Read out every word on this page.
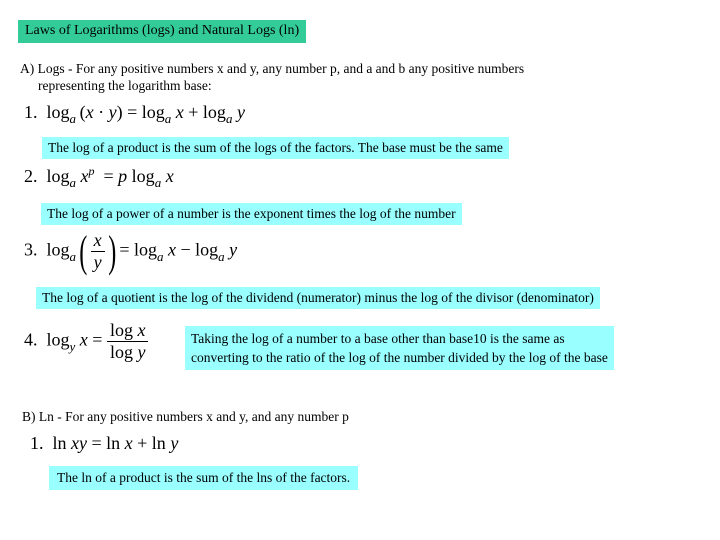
Laws of Logarithms (logs) and Natural Logs (ln)
A) Logs - For any positive numbers x and y, any number p, and a and b any positive numbers
representing the logarithm base:
1.  $\log_a (x \cdot y) = \log_a x + \log_a y$
The log of a product is the sum of the logs of the factors. The base must be the same
2.  $\log_a x^p = p$ $\log_a x$
The log of a power of a number is the exponent times the log of the number
3.  $\log_a( \frac{x}{y}$ ) = $\log_a x - \log_a y$
The log of a quotient is the log of the dividend (numerator) minus the log of the divisor (denominator)
4.  $\log_y x = \frac{\text{log x}}{\text{log y}}$	Taking the log of a number to a base other than base10 is the same as
converting to the ratio of the log of the number divided by the log of the base
B) Ln - For any positive numbers x and y, and any number p
1.  ln xy = ln x + ln y
The ln of a product is the sum of the lns of the factors.
